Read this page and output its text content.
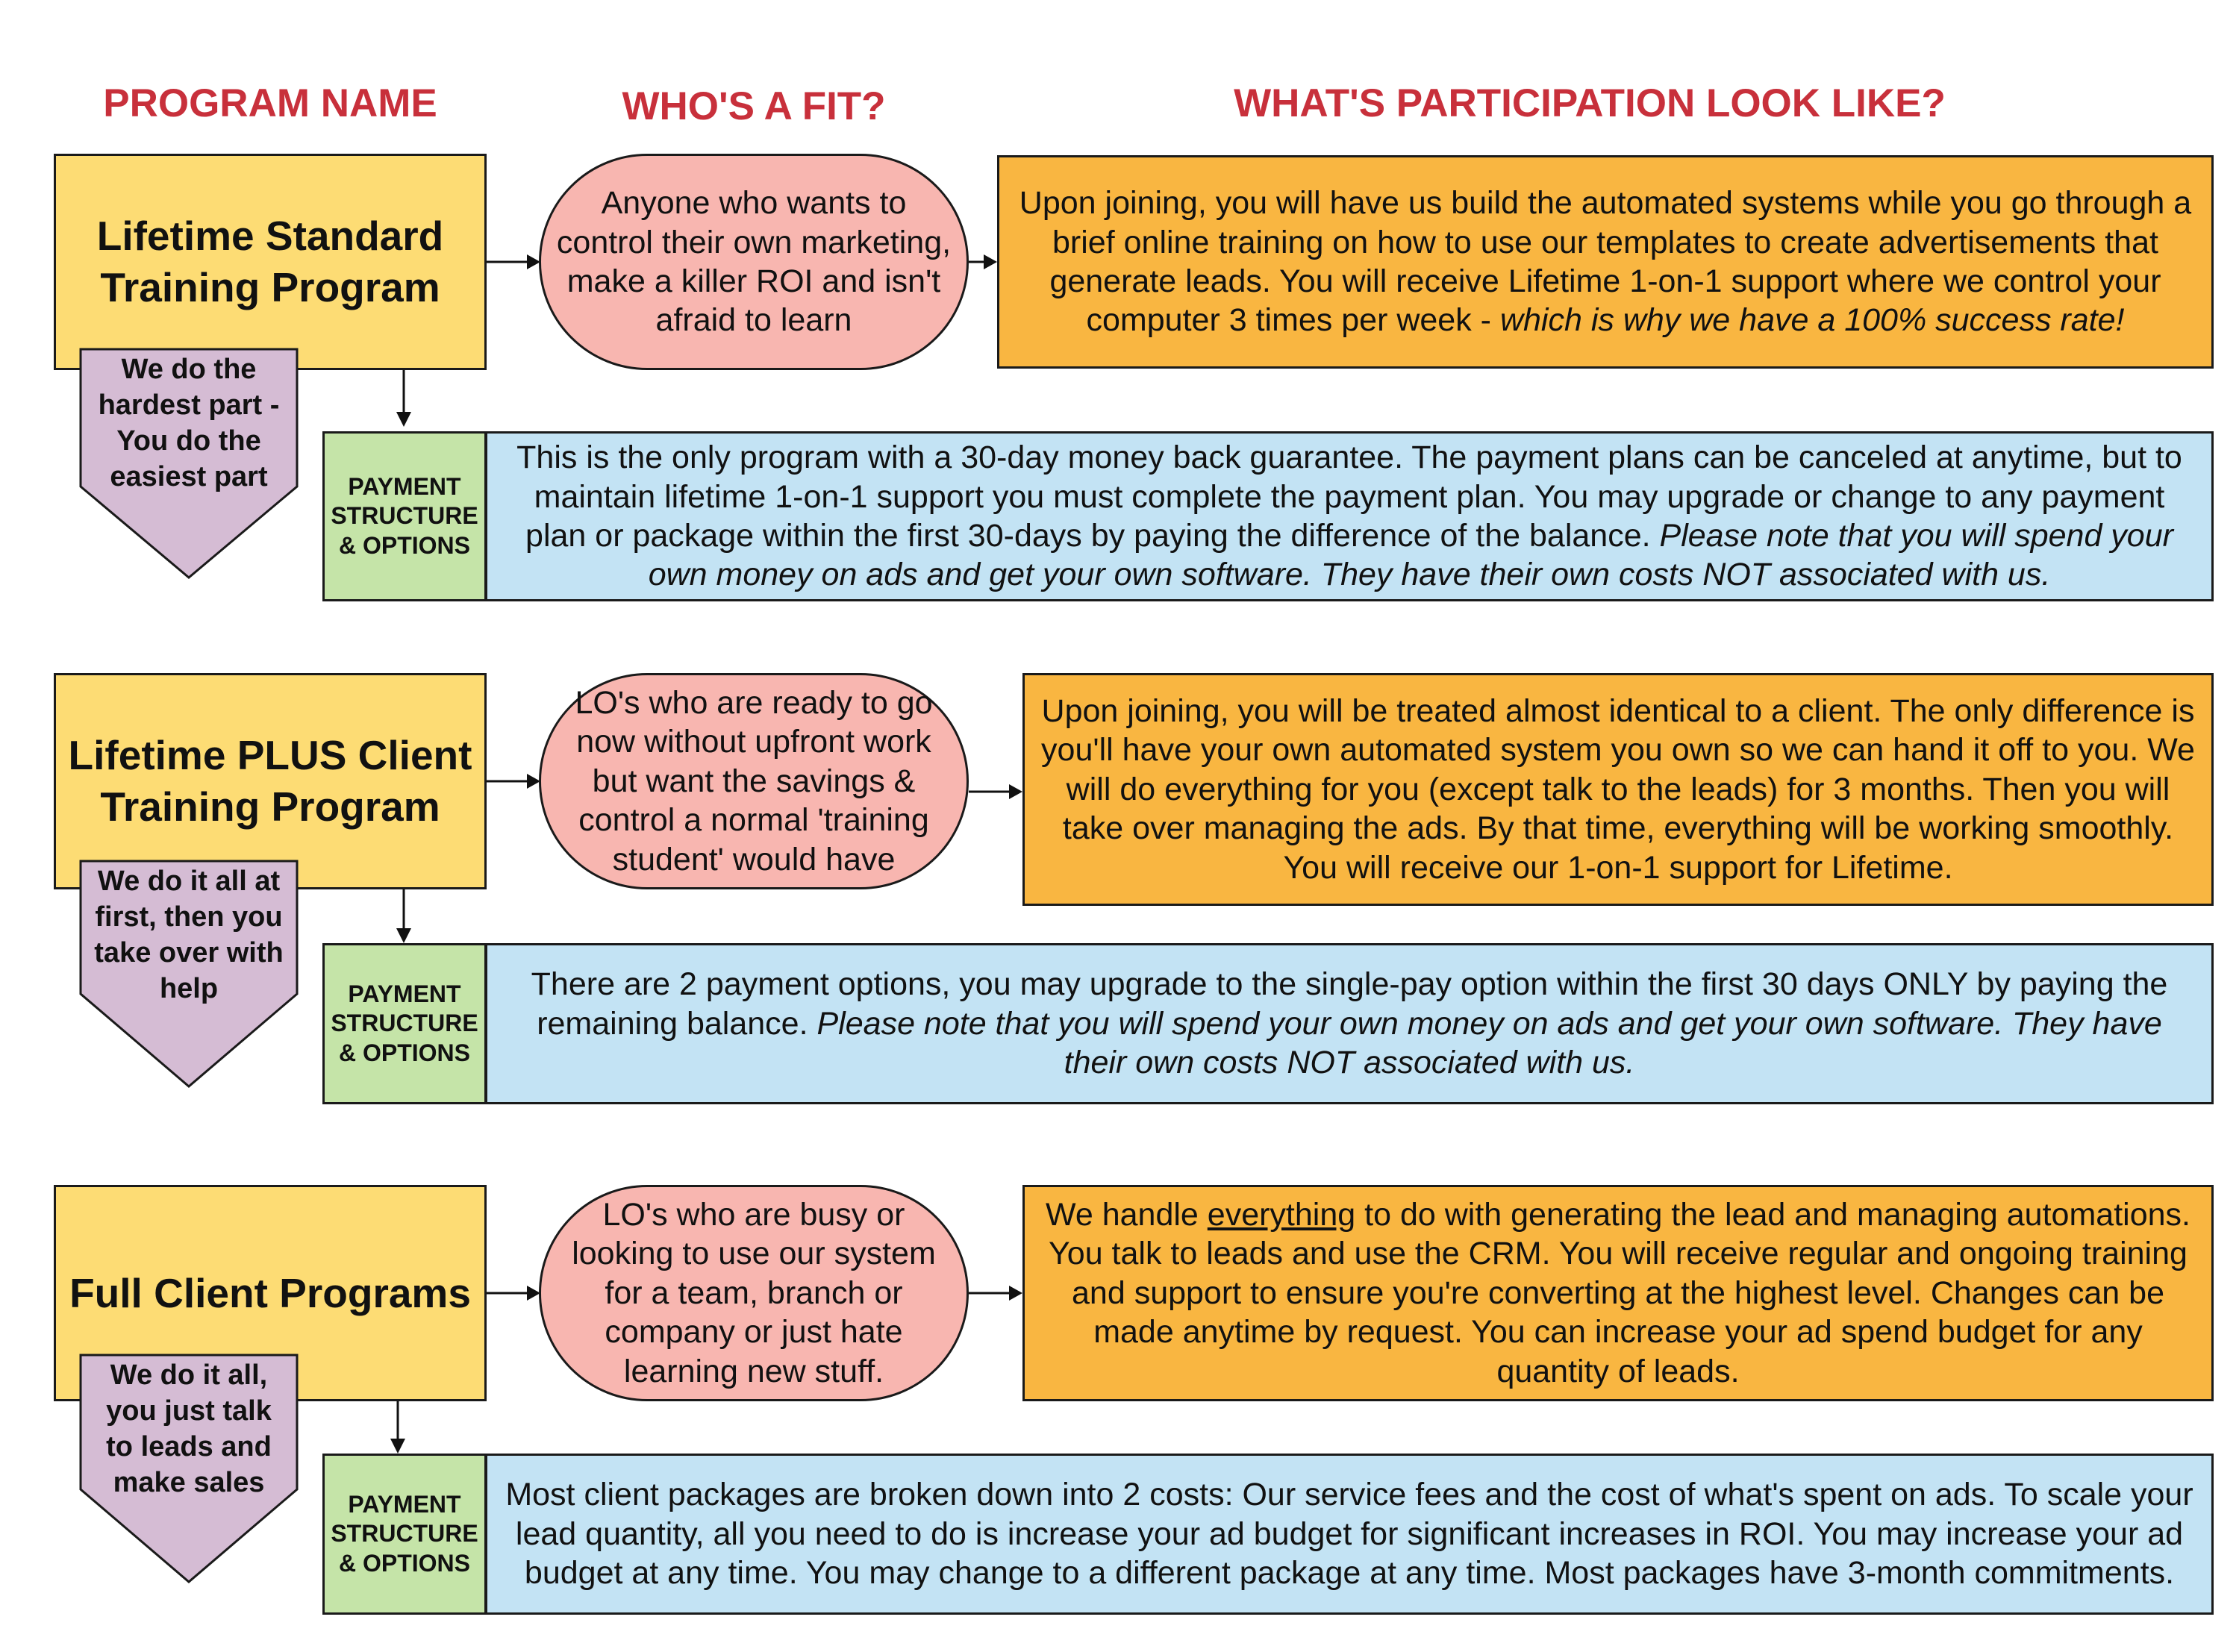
PROGRAM NAME	WHO'S A FIT?	WHAT'S PARTICIPATION LOOK LIKE?
Lifetime Standard Training Program
Anyone who wants to control their own marketing, make a killer ROI and isn't afraid to learn
Upon joining, you will have us build the automated systems while you go through a brief online training on how to use our templates to create advertisements that generate leads. You will receive Lifetime 1-on-1 support where we control your computer 3 times per week - which is why we have a 100% success rate!
PAYMENT STRUCTURE & OPTIONS
This is the only program with a 30-day money back guarantee. The payment plans can be canceled at anytime, but to maintain lifetime 1-on-1 support you must complete the payment plan. You may upgrade or change to any payment plan or package within the first 30-days by paying the difference of the balance. Please note that you will spend your own money on ads and get your own software. They have their own costs NOT associated with us.
We do the hardest part - You do the easiest part
Lifetime PLUS Client Training Program
LO's who are ready to go now without upfront work but want the savings & control a normal 'training student' would have
Upon joining, you will be treated almost identical to a client. The only difference is you'll have your own automated system you own so we can hand it off to you. We will do everything for you (except talk to the leads) for 3 months. Then you will take over managing the ads. By that time, everything will be working smoothly. You will receive our 1-on-1 support for Lifetime.
PAYMENT STRUCTURE & OPTIONS
There are 2 payment options, you may upgrade to the single-pay option within the first 30 days ONLY by paying the remaining balance. Please note that you will spend your own money on ads and get your own software. They have their own costs NOT associated with us.
We do it all at first, then you take over with help
Full Client Programs
LO's who are busy or looking to use our system for a team, branch or company or just hate learning new stuff.
We handle everything to do with generating the lead and managing automations. You talk to leads and use the CRM. You will receive regular and ongoing training and support to ensure you're converting at the highest level. Changes can be made anytime by request. You can increase your ad spend budget for any quantity of leads.
PAYMENT STRUCTURE & OPTIONS
Most client packages are broken down into 2 costs: Our service fees and the cost of what's spent on ads. To scale your lead quantity, all you need to do is increase your ad budget for significant increases in ROI. You may increase your ad budget at any time. You may change to a different package at any time. Most packages have 3-month commitments.
We do it all, you just talk to leads and make sales
